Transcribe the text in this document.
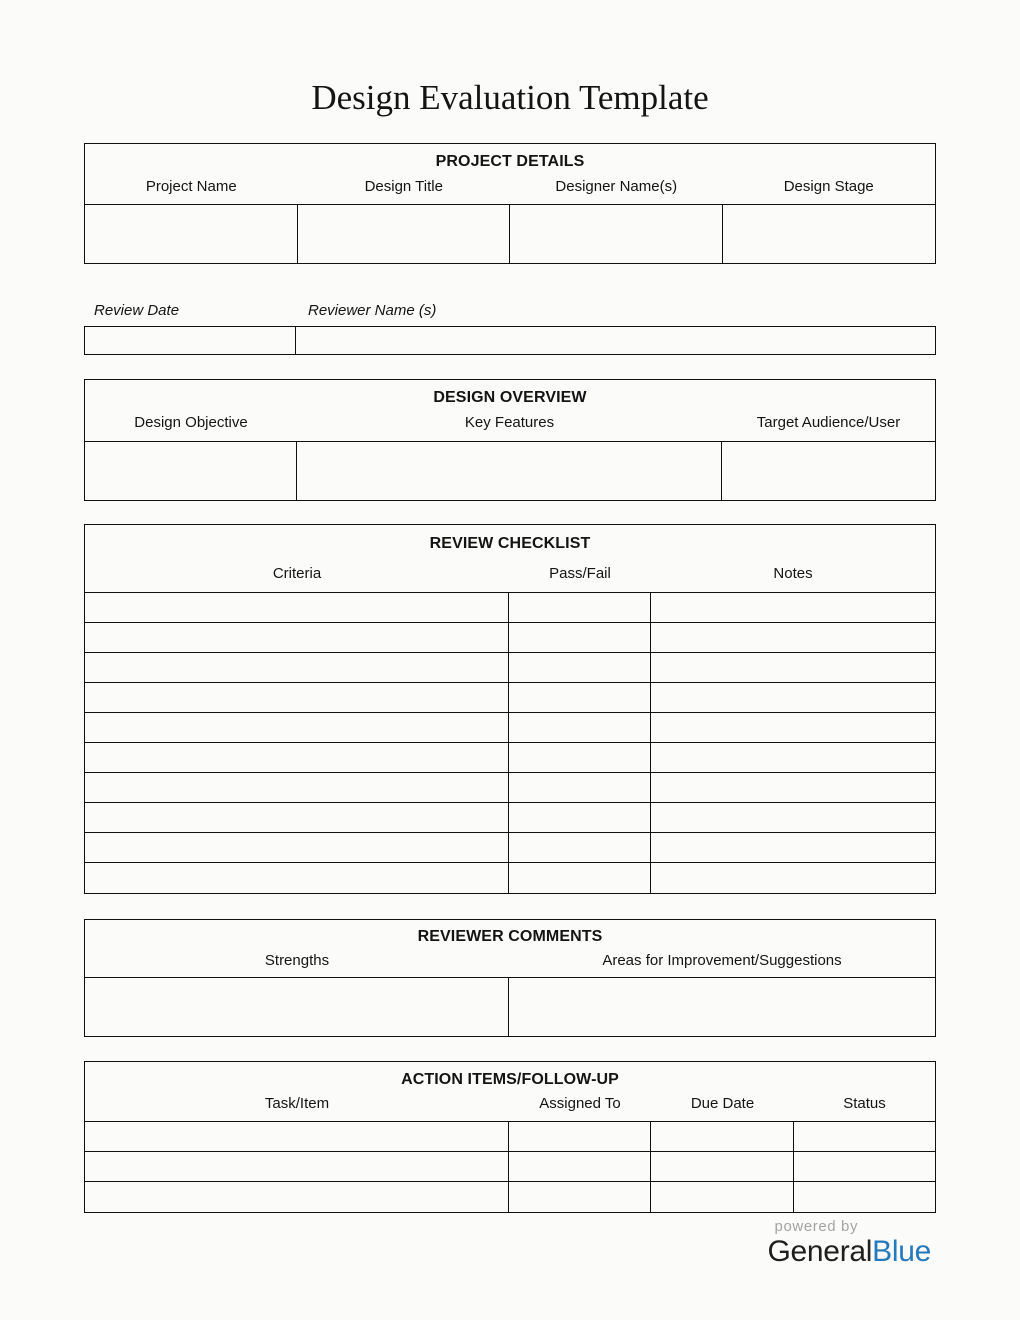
Design Evaluation Template
PROJECT DETAILS
Project Name	Design Title	Designer Name(s)	Design Stage
Review Date	Reviewer Name (s)
DESIGN OVERVIEW
Design Objective	Key Features	Target Audience/User
REVIEW CHECKLIST
Criteria	Pass/Fail	Notes
REVIEWER COMMENTS
Strengths	Areas for Improvement/Suggestions
ACTION ITEMS/FOLLOW-UP
Task/Item	Assigned To	Due Date	Status
powered by
GeneralBlue
